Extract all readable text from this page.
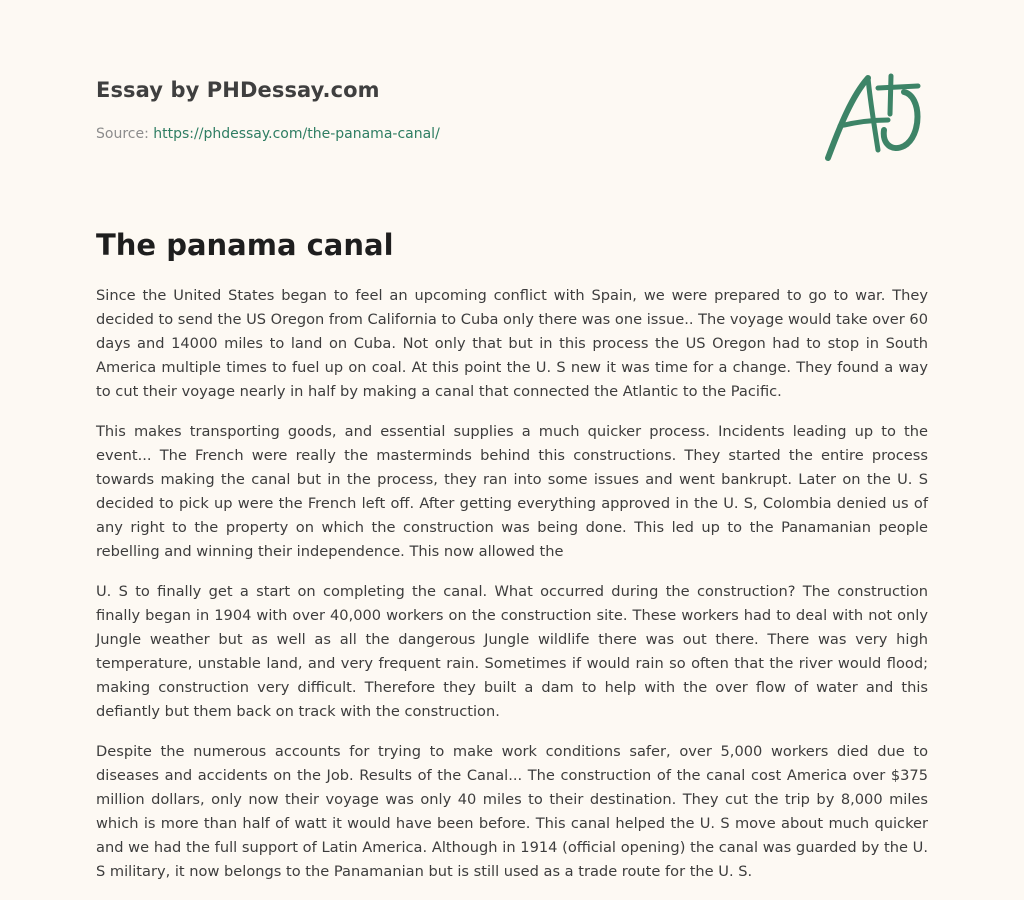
Essay by PHDessay.com

Source: https://phdessay.com/the-panama-canal/
The panama canal

Since the United States began to feel an upcoming conflict with Spain, we were prepared to go to war. They decided to send the US Oregon from California to Cuba only there was one issue.. The voyage would take over 60 days and 14000 miles to land on Cuba. Not only that but in this process the US Oregon had to stop in South America multiple times to fuel up on coal. At this point the U. S new it was time for a change. They found a way to cut their voyage nearly in half by making a canal that connected the Atlantic to the Pacific.

This makes transporting goods, and essential supplies a much quicker process. Incidents leading up to the event... The French were really the masterminds behind this constructions. They started the entire process towards making the canal but in the process, they ran into some issues and went bankrupt. Later on the U. S decided to pick up were the French left off. After getting everything approved in the U. S, Colombia denied us of any right to the property on which the construction was being done. This led up to the Panamanian people rebelling and winning their independence. This now allowed the

U. S to finally get a start on completing the canal. What occurred during the construction? The construction finally began in 1904 with over 40,000 workers on the construction site. These workers had to deal with not only Jungle weather but as well as all the dangerous Jungle wildlife there was out there. There was very high temperature, unstable land, and very frequent rain. Sometimes if would rain so often that the river would flood; making construction very difficult. Therefore they built a dam to help with the over flow of water and this defiantly but them back on track with the construction.

Despite the numerous accounts for trying to make work conditions safer, over 5,000 workers died due to diseases and accidents on the Job. Results of the Canal... The construction of the canal cost America over $375 million dollars, only now their voyage was only 40 miles to their destination. They cut the trip by 8,000 miles which is more than half of watt it would have been before. This canal helped the U. S move about much quicker and we had the full support of Latin America. Although in 1914 (official opening) the canal was guarded by the U. S military, it now belongs to the Panamanian but is still used as a trade route for the U. S.
